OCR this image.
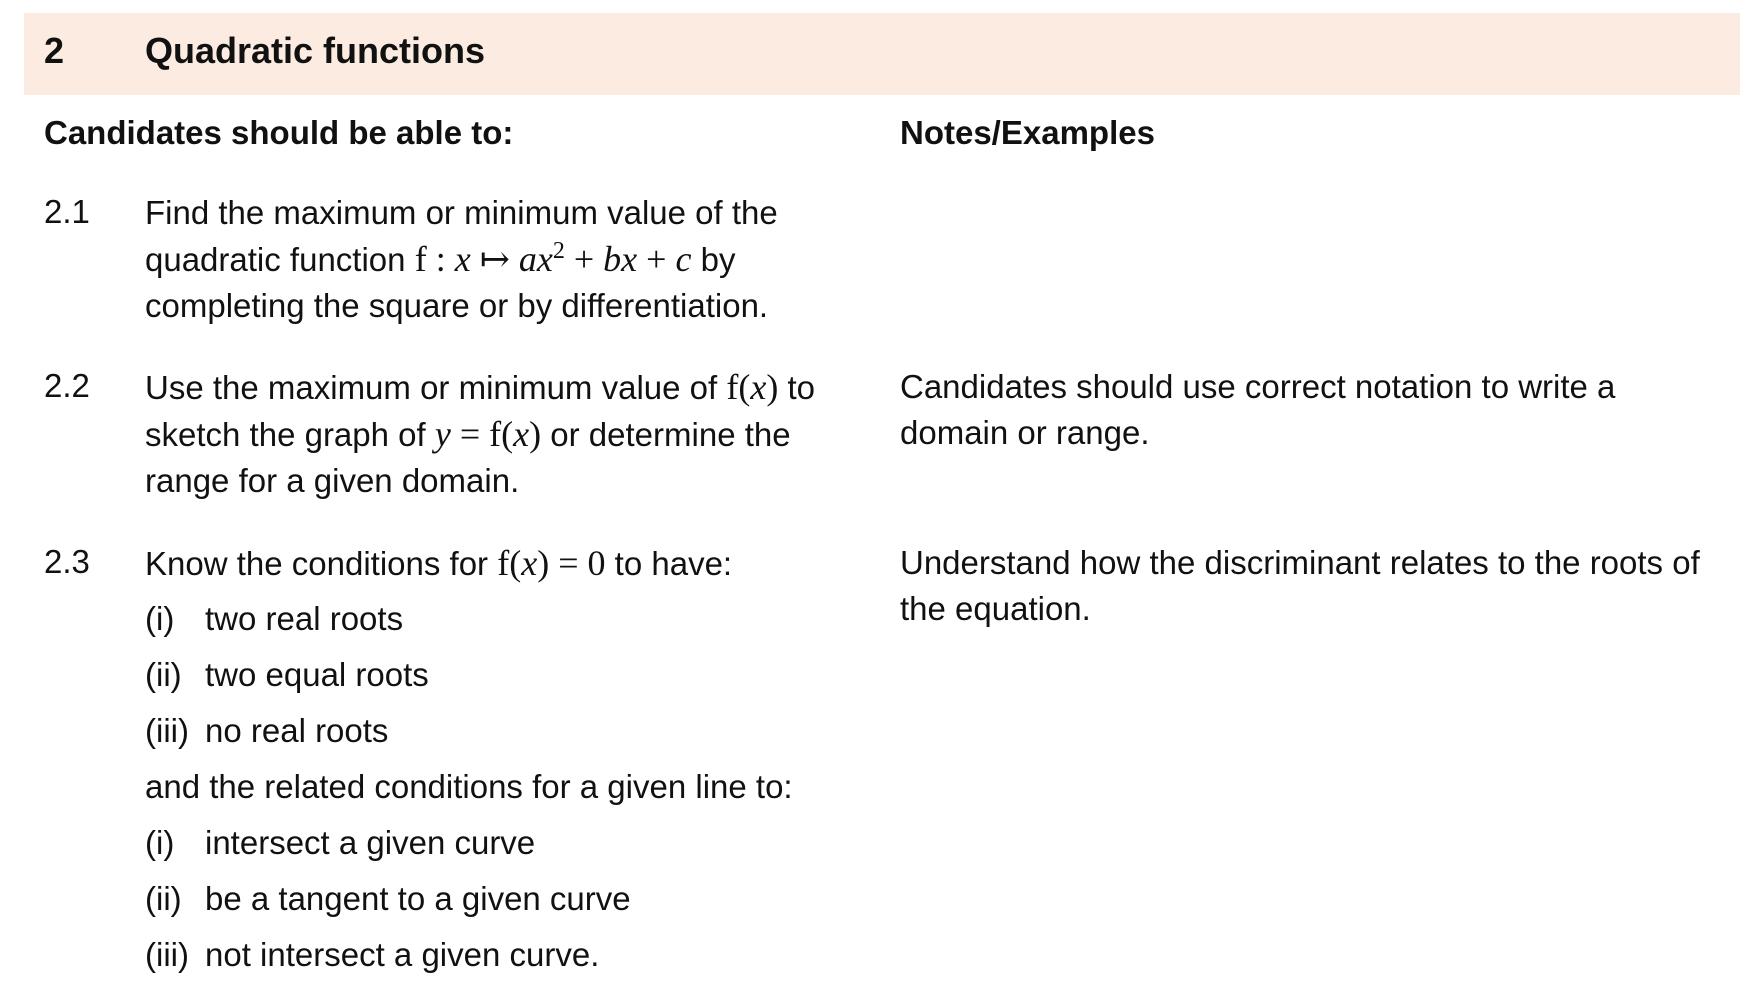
2 Quadratic functions
Candidates should be able to:	Notes/Examples
2.1 Find the maximum or minimum value of the
quadratic function f : x ↦ $ax^2$ + bx + c by
completing the square or by differentiation.
2.2 Use the maximum or minimum value of f(x) to sketch the graph of y = f(x) or determine the range for a given domain.
Candidates should use correct notation to write a domain or range.
2.3 Know the conditions for f(x) = 0 to have:	Understand how the discriminant relates to the roots of the equation.
(i) two real roots
(ii) two equal roots
(iii) no real roots
and the related conditions for a given line to:
(i) intersect a given curve
(ii) be a tangent to a given curve
(iii) not intersect a given curve.
